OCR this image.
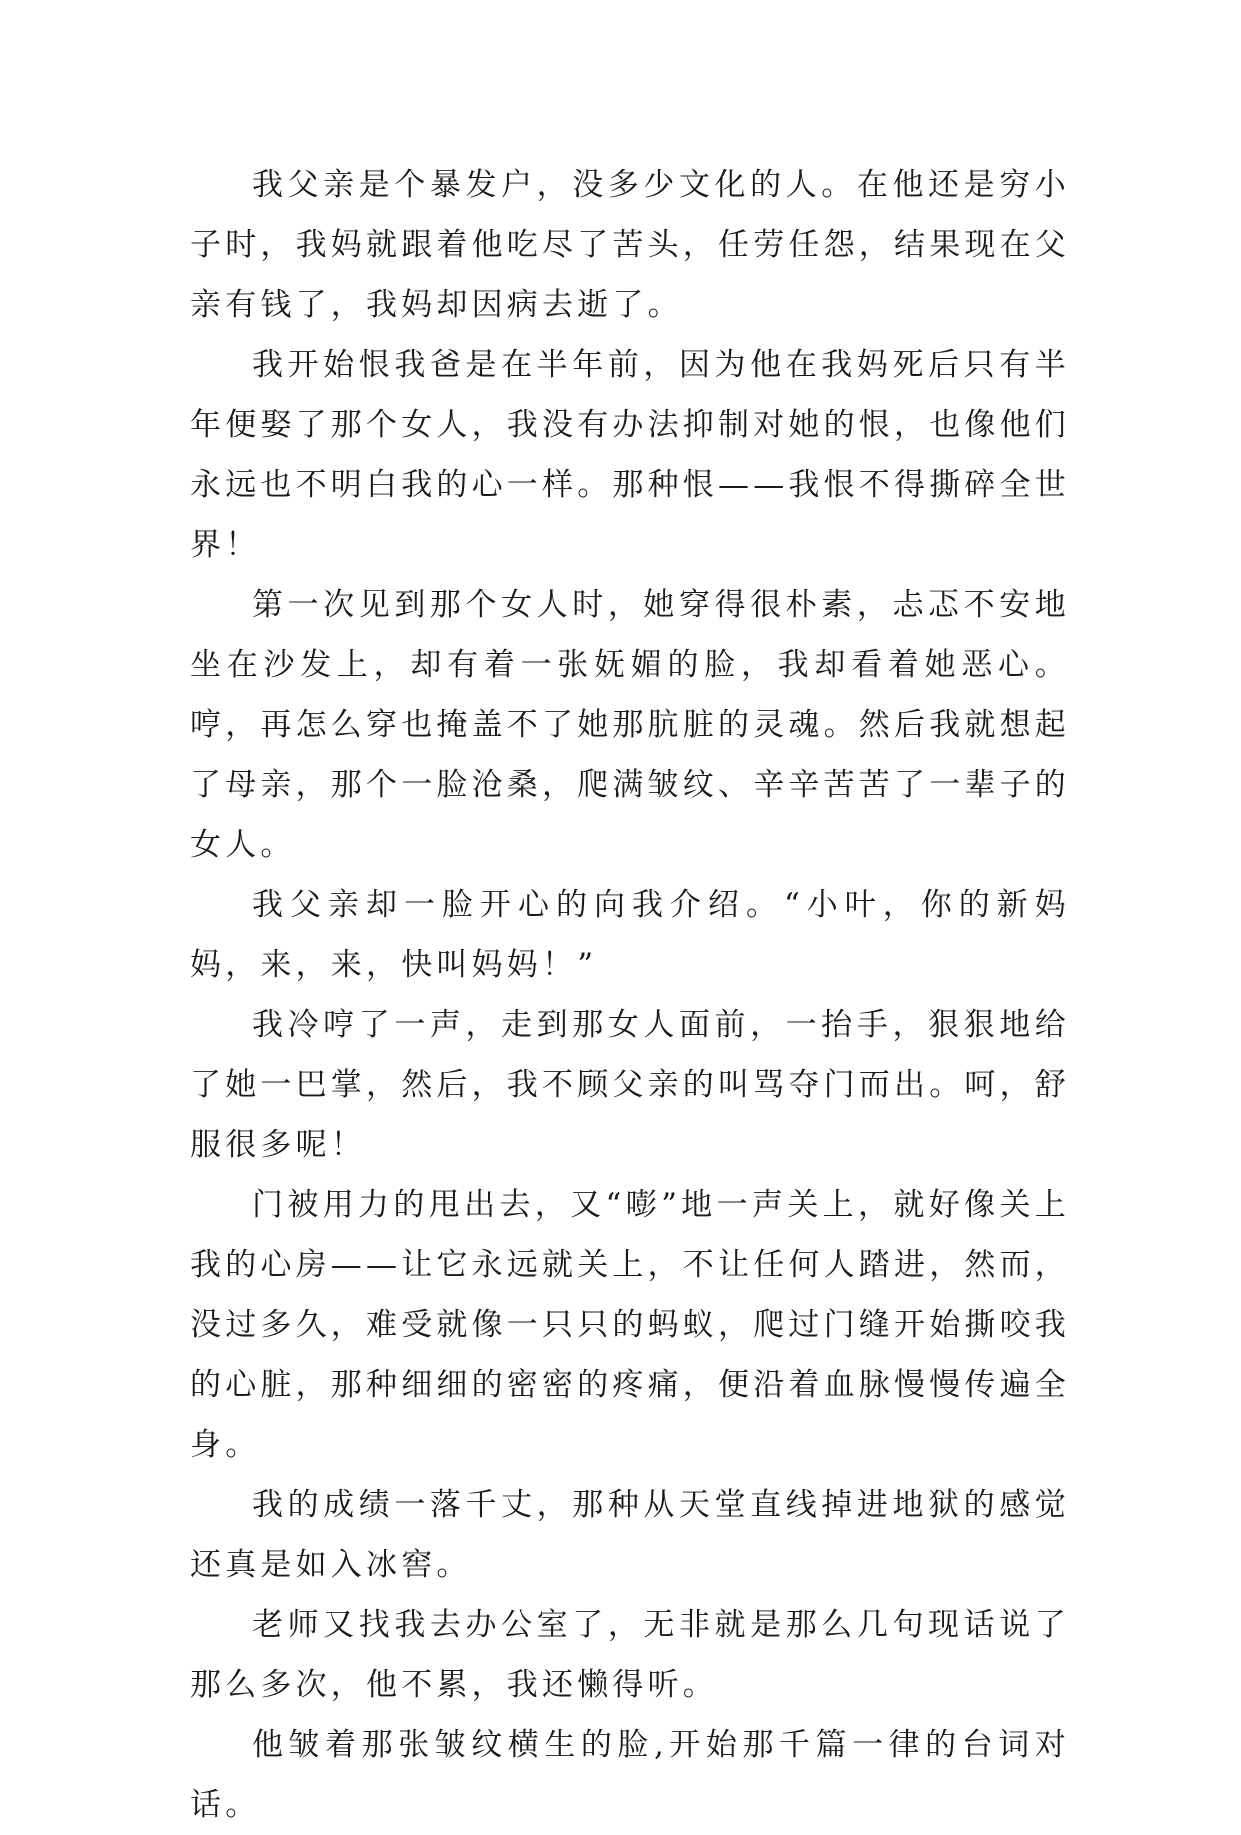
我父亲是个暴发户，没多少文化的人。在他还是穷小子时，我妈就跟着他吃尽了苦头，任劳任怨，结果现在父亲有钱了，我妈却因病去逝了。

我开始恨我爸是在半年前，因为他在我妈死后只有半年便娶了那个女人，我没有办法抑制对她的恨，也像他们永远也不明白我的心一样。那种恨——我恨不得撕碎全世界！

第一次见到那个女人时，她穿得很朴素，忐忑不安地坐在沙发上，却有着一张妩媚的脸，我却看着她恶心。哼，再怎么穿也掩盖不了她那肮脏的灵魂。然后我就想起了母亲，那个一脸沧桑，爬满皱纹、辛辛苦苦了一辈子的女人。

我父亲却一脸开心的向我介绍。“小叶，你的新妈妈，来，来，快叫妈妈！”

我冷哼了一声，走到那女人面前，一抬手，狠狠地给了她一巴掌，然后，我不顾父亲的叫骂夺门而出。呵，舒服很多呢！

门被用力的甩出去，又“嘭”地一声关上，就好像关上我的心房——让它永远就关上，不让任何人踏进，然而，没过多久，难受就像一只只的蚂蚁，爬过门缝开始撕咬我的心脏，那种细细的密密的疼痛，便沿着血脉慢慢传遍全身。

我的成绩一落千丈，那种从天堂直线掉进地狱的感觉还真是如入冰窖。

老师又找我去办公室了，无非就是那么几句现话说了那么多次，他不累，我还懒得听。

他皱着那张皱纹横生的脸,开始那千篇一律的台词对话。
